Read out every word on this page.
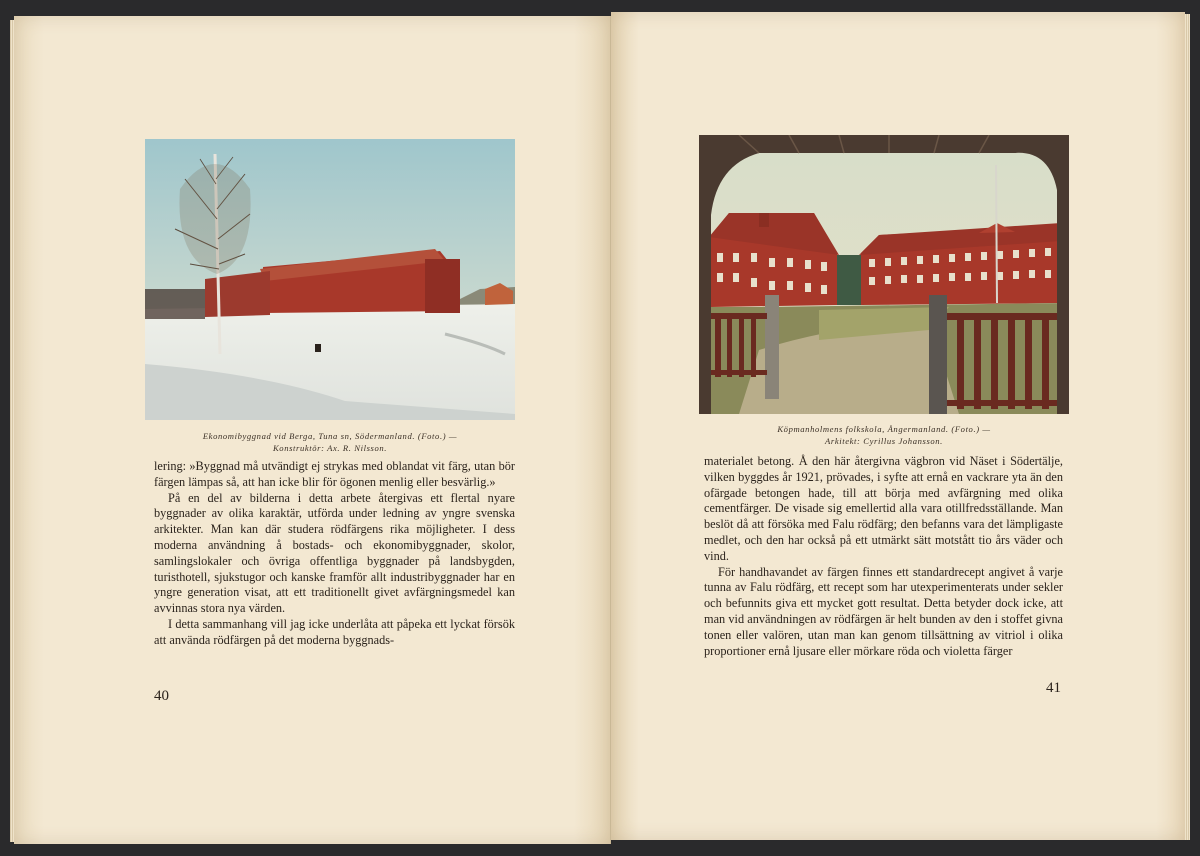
Ekonomibyggnad vid Berga, Tuna sn, Södermanland. (Foto.) —
Konstruktör: Ax. R. Nilsson.

lering: »Byggnad må utvändigt ej strykas med oblandat vit färg, utan bör färgen lämpas så, att han icke blir för ögonen menlig eller besvärlig.»

På en del av bilderna i detta arbete återgivas ett flertal nyare byggnader av olika karaktär, utförda under ledning av yngre svenska arkitekter. Man kan där studera rödfärgens rika möjligheter. I dess moderna användning å bostads- och ekonomibyggnader, skolor, samlingslokaler och övriga offentliga byggnader på landsbygden, turisthotell, sjukstugor och kanske framför allt industribyggnader har en yngre generation visat, att ett traditionellt givet avfärgningsmedel kan avvinnas stora nya värden.

I detta sammanhang vill jag icke underlåta att påpeka ett lyckat försök att använda rödfärgen på det moderna byggnads-

40
Köpmanholmens folkskola, Ångermanland. (Foto.) —
Arkitekt: Cyrillus Johansson.

materialet betong. Å den här återgivna vägbron vid Näset i Södertälje, vilken byggdes år 1921, prövades, i syfte att ernå en vackrare yta än den ofärgade betongen hade, till att börja med avfärgning med olika cementfärger. De visade sig emellertid alla vara otillfredsställande. Man beslöt då att försöka med Falu rödfärg; den befanns vara det lämpligaste medlet, och den har också på ett utmärkt sätt motstått tio års väder och vind.

För handhavandet av färgen finnes ett standardrecept angivet å varje tunna av Falu rödfärg, ett recept som har utexperimenterats under sekler och befunnits giva ett mycket gott resultat. Detta betyder dock icke, att man vid användningen av rödfärgen är helt bunden av den i stoffet givna tonen eller valören, utan man kan genom tillsättning av vitriol i olika proportioner ernå ljusare eller mörkare röda och violetta färger

41
